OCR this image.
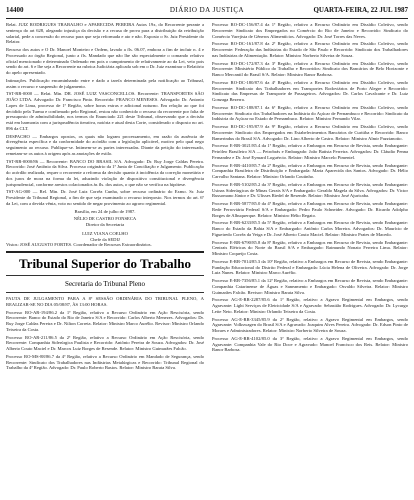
14400	DIÁRIO DA JUSTIÇA	QUARTA-FEIRA, 22 JUL 1987

Relat. JUIZ RODRIGUES TRABALHO e APARECIDA PEREIRA Autos 19x, do Recorrente perante a sentença do art 628, alegando injustiça da decisão e a recusa de prova para a distribuição da retribuição salarial, pede a concessão do recurso para que seja reformada e ato e não. Exposto o Sr. Juiz Presidente do Relator.

Recurso dos autos e O Dr. Manoel Monteiro e Ordem, lavado a fls. 06.07, embora a fim de incluir n. 4 e Processado ao órgão Regional, junto a fls. Mandado que não lhe são especialmente o comando relativo oficial mencionado e determinado Ordenado em pois o cumprimento de relativamente ao da Lei, veio pois sendo do art. 6 e lhe seja a Recorrente na rubrica Judiciária aplicada sob em o Dr. Juiz examinar o Relatório do apelo apresentado.

Intimações. Publicação encaminhando entre e dado a tarefa determinada pela notificação ao Tribunal, assim o recurso e suspensão de julgamento.

TST-RR-0000 — Relat. Min. DR. JOSÉ LUIZ VASCONCELLOS. Recorrente: TRANSPORTES SÃO JOÃO LTDA. Advogado: Dr. Francisco Pinto. Recorrido: FRANCO MENESES. Advogado: Dr. Antonio Lopes de Lima, processo de 1ª Região, sobre horas extras e adicional noturno. Em relação ao que foi decidido pela Turma e confirmado pelo Regional, restou não conhecido o recurso da recorrente por falta de pressuposto de admissibilidade, nos termos do Enunciado 221 deste Tribunal, observando que a decisão está em harmonia com a jurisprudência iterativa, notória e atual desta Corte, considerado o disposto no art. 896 da CLT.

DESPACHO — Embargos opostos, os quais não logram processamento, em razão da ausência de divergência específica e da conformidade do acórdão com a legislação aplicável, motivo pelo qual nego seguimento ao recurso. Publique-se. Intimem-se as partes interessadas. Diante da petição do interessado, remetam-se os autos à origem após as anotações de estilo.

TST-RR-0000/86 — Recorrente: BANCO DO BRASIL S/A. Advogado: Dr. Ruy Jorge Caldas Pereira. Recorrido: José Antônio da Silva. Processo originário da 1ª Junta de Conciliação e Julgamento. Publicação do acórdão realizada, requer o recorrente a reforma da decisão quanto à incidência da correção monetária e dos juros de mora na forma da lei, aduzindo violação de dispositivo constitucional e divergência jurisprudencial, conforme arestos colacionados às fls. dos autos, o que não se verifica na hipótese.

TST-AG-000 — Rel. Min. Dr. José Luiz Corrêa Cunha, sobre recurso ordinário do Exmo. Sr. Juiz Presidente do Tribunal Regional, a fim de que seja examinado o recurso interposto. Nos termos do art. 6º da Lei, com a devida vênia, voto no sentido de negar provimento ao agravo regimental.

Brasília, em 24 de julho de 1987.

NÉLIO DE CASTRO FONSECA

Diretor da Secretaria

LUIZ VIANA COELHO

Chefe da SEDIJ

Vistos: JOSÉ AUGUSTO FORTES. Coordenador de Recursos Extraordinários.

Tribunal Superior do Trabalho
Secretaria do Tribunal Pleno

PAUTA DE JULGAMENTO PARA A 8ª SESSÃO ORDINÁRIA DO TRIBUNAL PLENO, A REALIZAR-SE NO DIA 05/08/87, ÀS 13:00 HORAS.

Processo RO-AR-194/86.2 da 1ª Região, relativo a Recurso Ordinário em Ação Rescisória, sendo Recorrente: Banco do Estado do Rio de Janeiro S/A e Recorrido: Carlos Alberto Menezes. Advogados: Dr. Ruy Jorge Caldas Pereira e Dr. Nilton Correia. Relator: Ministro Marco Aurélio. Revisor: Ministro Orlando Teixeira da Costa.

Processo RO-AR-211/86.5 da 2ª Região, relativo a Recurso Ordinário em Ação Rescisória, sendo Recorrente: Companhia Siderúrgica Paulista e Recorrido: Antônio Pereira de Souza. Advogados: Dr. José Alberto Couto Maciel e Dr. Marcos Luiz Borges de Resende. Relator: Ministro Guimarães Falcão.

Processo RO-MS-88/86.7 da 4ª Região, relativo a Recurso Ordinário em Mandado de Segurança, sendo Recorrente: Sindicato dos Trabalhadores nas Indústrias Metalúrgicas e Recorrido: Tribunal Regional do Trabalho da 4ª Região. Advogado: Dr. Paulo Roberto Bastos. Relator: Ministro Barata Silva.

Processo RO-DC-156/87.4 da 1ª Região, relativo a Recurso Ordinário em Dissídio Coletivo, sendo Recorrente: Sindicato dos Empregados no Comércio do Rio de Janeiro e Recorrido: Sindicato do Comércio Varejista de Gêneros Alimentícios. Advogado: Dr. José Torres das Neves.

Processo RO-DC-161/87.8 da 2ª Região, relativo a Recurso Ordinário em Dissídio Coletivo, sendo Recorrente: Federação das Indústrias do Estado de São Paulo e Recorrido: Sindicato dos Trabalhadores nas Indústrias de Alimentação. Relator: Ministro Norberto Silveira de Souza.

Processo RO-DC-172/87.3 da 3ª Região, relativo a Recurso Ordinário em Dissídio Coletivo, sendo Recorrente: Ministério Público do Trabalho e Recorridos: Sindicato dos Bancários de Belo Horizonte e Banco Mercantil do Brasil S/A. Relator: Ministro Ranor Barbosa.

Processo RO-DC-180/87.6 da 4ª Região, relativo a Recurso Ordinário em Dissídio Coletivo, sendo Recorrente: Sindicato dos Trabalhadores em Transportes Rodoviários de Porto Alegre e Recorrido: Sindicato das Empresas de Transporte de Passageiros. Advogados: Dr. Carlos Cavalcante e Dr. Luiz Gonzaga Bezerra.

Processo RO-DC-188/87.1 da 6ª Região, relativo a Recurso Ordinário em Dissídio Coletivo, sendo Recorrente: Sindicato dos Trabalhadores na Indústria do Açúcar de Pernambuco e Recorrido: Sindicato da Indústria do Açúcar no Estado de Pernambuco. Relator: Ministro Fernando Vilar.

Processo RO-DC-195/87.9 da 9ª Região, relativo a Recurso Ordinário em Dissídio Coletivo, sendo Recorrente: Sindicato dos Empregados em Estabelecimentos Bancários de Curitiba e Recorrido: Banco Bamerindus do Brasil S/A. Advogado: Dr. Lino Alberto de Castro. Relator: Ministro Almir Pazzianotto.

Processo E-RR-3021/85.4 da 1ª Região, relativo a Embargos em Recurso de Revista, sendo Embargante: Petróleo Brasileiro S/A — Petrobrás e Embargado: João Batista Ferreira. Advogados: Dr. Cláudio Penna Fernandez e Dr. José Eymard Loguércio. Relator: Ministro Marcelo Pimentel.

Processo E-RR-4410/85.7 da 2ª Região, relativo a Embargos em Recurso de Revista, sendo Embargante: Companhia Brasileira de Distribuição e Embargada: Maria Aparecida dos Santos. Advogado: Dr. Hélio Carvalho Santana. Relator: Ministro Orlando Coutinho.

Processo E-RR-5102/85.2 da 3ª Região, relativo a Embargos em Recurso de Revista, sendo Embargante: Usinas Siderúrgicas de Minas Gerais S/A e Embargado: Geraldo Magela da Silva. Advogados: Dr. Victor Russomano Júnior e Dr. Ulisses Riedel de Resende. Relator: Ministro José Ajuricaba.

Processo E-RR-5877/85.0 da 4ª Região, relativo a Embargos em Recurso de Revista, sendo Embargante: Rede Ferroviária Federal S/A e Embargado: Pedro Paulo Schneider. Advogado: Dr. Ricardo Adolpho Borges de Albuquerque. Relator: Ministro Hélio Regato.

Processo E-RR-6233/85.5 da 5ª Região, relativo a Embargos em Recurso de Revista, sendo Embargante: Banco do Estado da Bahia S/A e Embargado: Antônio Carlos Moreira. Advogados: Dr. Maurício de Figueiredo Corrêa da Veiga e Dr. José Alberto Couto Maciel. Relator: Ministro Prates de Macedo.

Processo E-RR-6790/85.8 da 8ª Região, relativo a Embargos em Recurso de Revista, sendo Embargante: Centrais Elétricas do Norte do Brasil S/A e Embargado: Raimundo Nonato Ferreira Lima. Relator: Ministro Coqueijo Costa.

Processo E-RR-7014/85.3 da 10ª Região, relativo a Embargos em Recurso de Revista, sendo Embargante: Fundação Educacional do Distrito Federal e Embargada: Lúcia Helena de Oliveira. Advogado: Dr. Jorge Luiz Nunes. Relator: Ministro Marco Aurélio.

Processo E-RR-7356/85.1 da 12ª Região, relativo a Embargos em Recurso de Revista, sendo Embargante: Companhia Catarinense de Águas e Saneamento e Embargado: Osvaldo Silveira. Relator: Ministro Guimarães Falcão. Revisor: Ministro Barata Silva.

Processo AG-E-RR-2287/85.6 da 1ª Região, relativo a Agravo Regimental em Embargos, sendo Agravante: Light Serviços de Eletricidade S/A e Agravado: Sebastião Rodrigues. Advogado: Dr. Lycurgo Leite Neto. Relator: Ministro Orlando Teixeira da Costa.

Processo AG-E-RR-3345/85.9 da 2ª Região, relativo a Agravo Regimental em Embargos, sendo Agravante: Volkswagen do Brasil S/A e Agravado: Joaquim Alves Pereira. Advogado: Dr. Edson Pinto de Moraes e Administradores. Relator: Ministro Norberto Silveira de Souza.

Processo AG-E-RR-4102/85.0 da 3ª Região, relativo a Agravo Regimental em Embargos, sendo Agravante: Companhia Vale do Rio Doce e Agravado: Manoel Francisco dos Reis. Relator: Ministro Ranor Barbosa.
